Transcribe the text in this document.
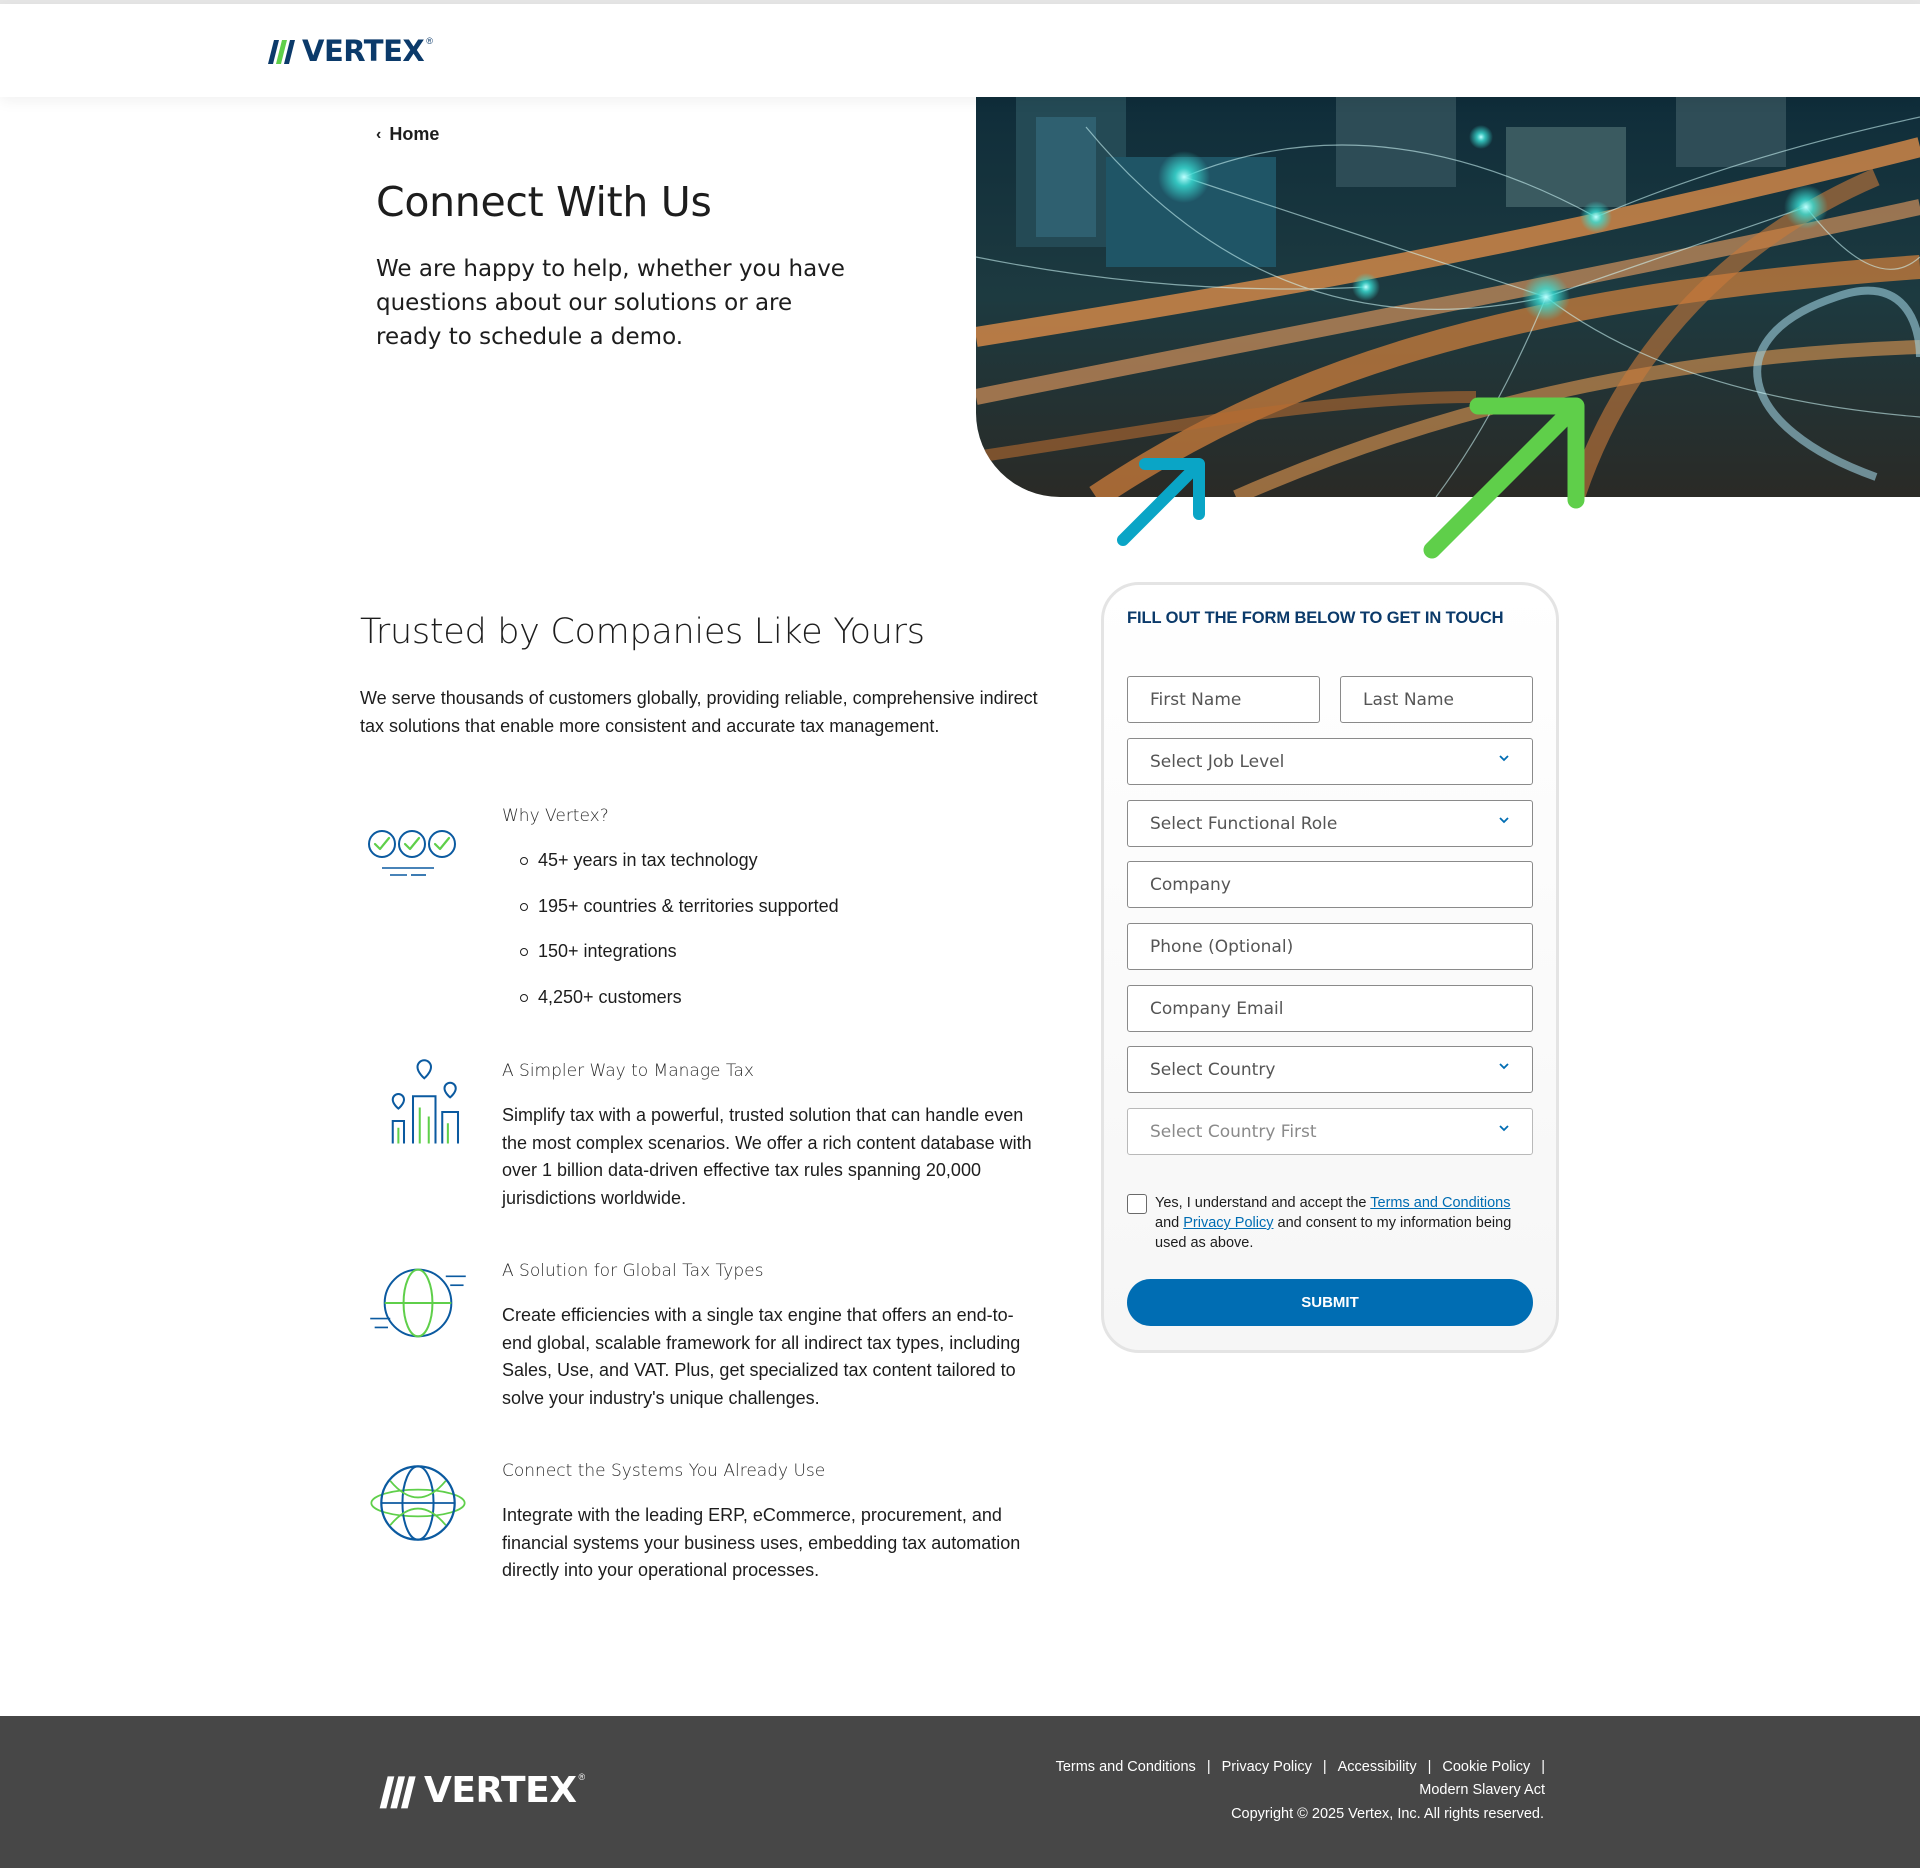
VERTEX ®
‹ Home
Connect With Us

We are happy to help, whether you have questions about our solutions or are ready to schedule a demo.

Trusted by Companies Like Yours

We serve thousands of customers globally, providing reliable, comprehensive indirect tax solutions that enable more consistent and accurate tax management.

Why Vertex?
45+ years in tax technology
195+ countries & territories supported
150+ integrations
4,250+ customers
A Simpler Way to Manage Tax

Simplify tax with a powerful, trusted solution that can handle even the most complex scenarios. We offer a rich content database with over 1 billion data-driven effective tax rules spanning 20,000 jurisdictions worldwide.

A Solution for Global Tax Types

Create efficiencies with a single tax engine that offers an end-to-end global, scalable framework for all indirect tax types, including Sales, Use, and VAT. Plus, get specialized tax content tailored to solve your industry's unique challenges.

Connect the Systems You Already Use

Integrate with the leading ERP, eCommerce, procurement, and financial systems your business uses, embedding tax automation directly into your operational processes.

FILL OUT THE FORM BELOW TO GET IN TOUCH
First Name	Last Name
Select Job Level
Select Functional Role
Company
Phone (Optional)
Company Email
Select Country
Select Country First

Yes, I understand and accept the Terms and Conditions and Privacy Policy and consent to my information being used as above.

SUBMIT
VERTEX ®
Terms and Conditions | Privacy Policy | Accessibility | Cookie Policy |
Modern Slavery Act
Copyright © 2025 Vertex, Inc. All rights reserved.
